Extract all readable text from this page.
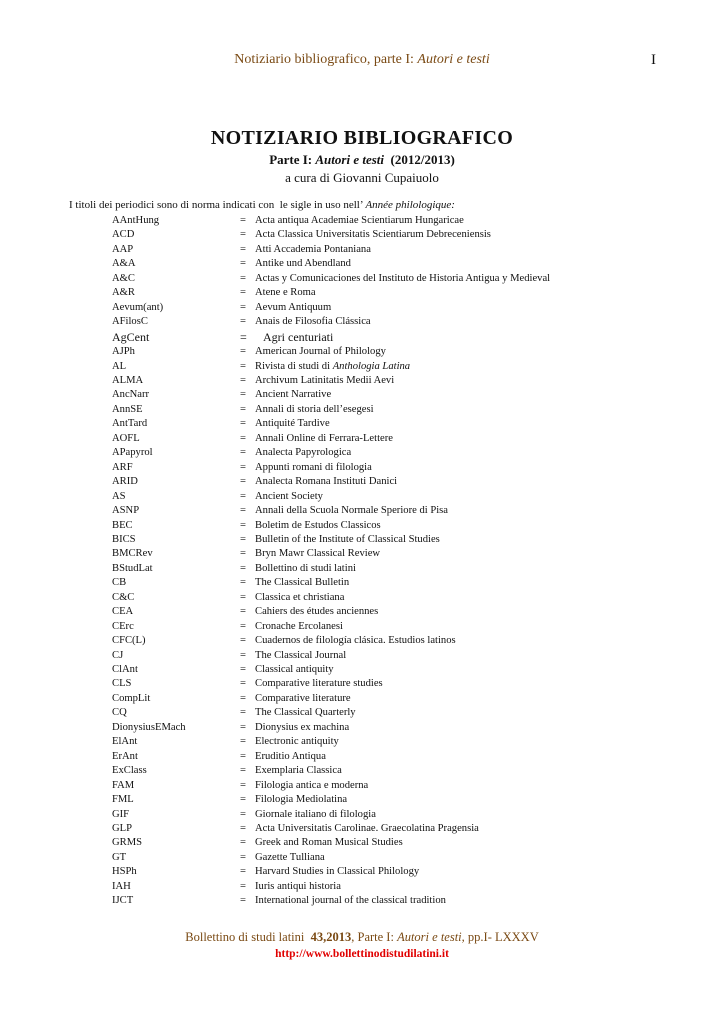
Notiziario bibliografico, parte I: Autori e testi	I
NOTIZIARIO BIBLIOGRAFICO
Parte I: Autori e testi  (2012/2013)
a cura di Giovanni Cupaiuolo
I titoli dei periodici sono di norma indicati con  le sigle in uso nell’ Année philologique:
AAntHung	= Acta antiqua Academiae Scientiarum Hungaricae
ACD	= Acta Classica Universitatis Scientiarum Debreceniensis
AAP	= Atti Accademia Pontaniana
A&A	= Antike und Abendland
A&C	= Actas y Comunicaciones del Instituto de Historia Antigua y Medieval
A&R	= Atene e Roma
Aevum(ant)	= Aevum Antiquum
AFilosC	= Anais de Filosofia Clássica
AgCent	= Agri centuriati
AJPh	= American Journal of Philology
AL	= Rivista di studi di Anthologia Latina
ALMA	= Archivum Latinitatis Medii Aevi
AncNarr	= Ancient Narrative
AnnSE	= Annali di storia dell’esegesi
AntTard	= Antiquité Tardive
AOFL	= Annali Online di Ferrara-Lettere
APapyrol	= Analecta Papyrologica
ARF	= Appunti romani di filologia
ARID	= Analecta Romana Instituti Danici
AS	= Ancient Society
ASNP	= Annali della Scuola Normale Speriore di Pisa
BEC	= Boletim de Estudos Classicos
BICS	= Bulletin of the Institute of Classical Studies
BMCRev	= Bryn Mawr Classical Review
BStudLat	= Bollettino di studi latini
CB	= The Classical Bulletin
C&C	= Classica et christiana
CEA	= Cahiers des études anciennes
CErc	= Cronache Ercolanesi
CFC(L)	= Cuadernos de filología clásica. Estudios latinos
CJ	= The Classical Journal
ClAnt	= Classical antiquity
CLS	= Comparative literature studies
CompLit	= Comparative literature
CQ	= The Classical Quarterly
DionysiusEMach	= Dionysius ex machina
ElAnt	= Electronic antiquity
ErAnt	= Eruditio Antiqua
ExClass	= Exemplaria Classica
FAM	= Filologia antica e moderna
FML	= Filologia Mediolatina
GIF	= Giornale italiano di filologia
GLP	= Acta Universitatis Carolinae. Graecolatina Pragensia
GRMS	= Greek and Roman Musical Studies
GT	= Gazette Tulliana
HSPh	= Harvard Studies in Classical Philology
IAH	= Iuris antiqui historia
IJCT	= International journal of the classical tradition
Bollettino di studi latini  43,2013, Parte I: Autori e testi, pp.I- LXXXV
http://www.bollettinodistudilatini.it
